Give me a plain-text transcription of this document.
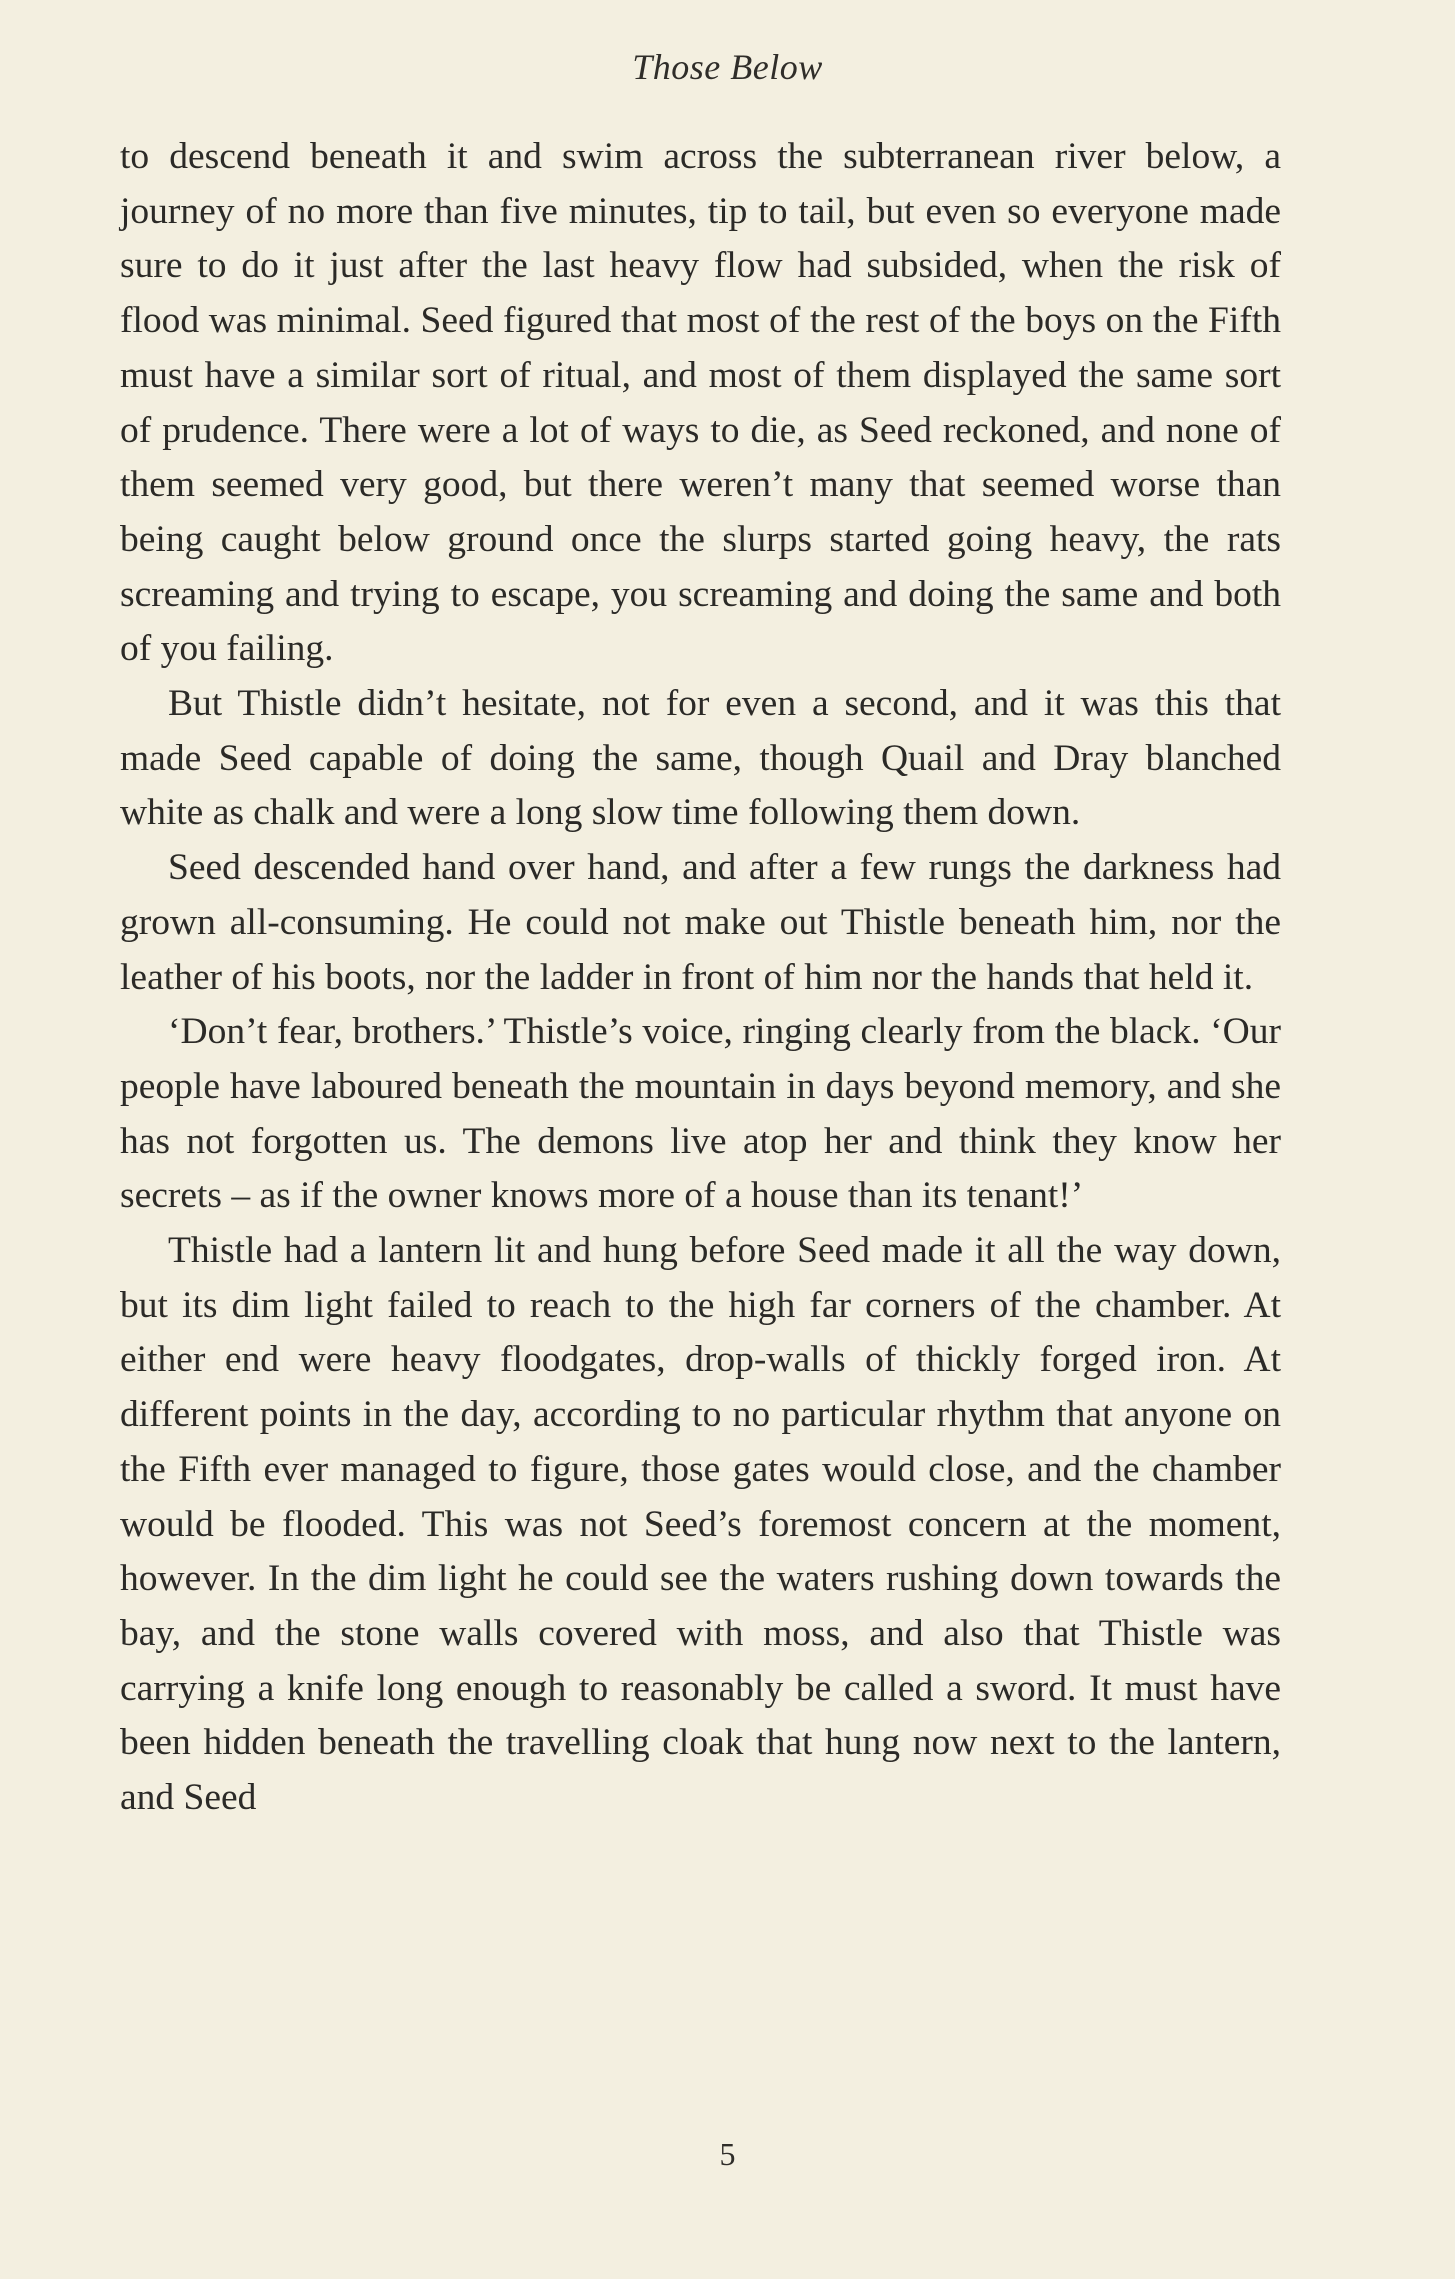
Those Below

to descend beneath it and swim across the subterranean river below, a journey of no more than five minutes, tip to tail, but even so everyone made sure to do it just after the last heavy flow had subsided, when the risk of flood was minimal. Seed figured that most of the rest of the boys on the Fifth must have a similar sort of ritual, and most of them displayed the same sort of prudence. There were a lot of ways to die, as Seed reckoned, and none of them seemed very good, but there weren’t many that seemed worse than being caught below ground once the slurps started going heavy, the rats screaming and trying to escape, you screaming and doing the same and both of you failing.

But Thistle didn’t hesitate, not for even a second, and it was this that made Seed capable of doing the same, though Quail and Dray blanched white as chalk and were a long slow time following them down.

Seed descended hand over hand, and after a few rungs the darkness had grown all-consuming. He could not make out Thistle beneath him, nor the leather of his boots, nor the ladder in front of him nor the hands that held it.

‘Don’t fear, brothers.’ Thistle’s voice, ringing clearly from the black. ‘Our people have laboured beneath the mountain in days beyond memory, and she has not forgotten us. The demons live atop her and think they know her secrets – as if the owner knows more of a house than its tenant!’

Thistle had a lantern lit and hung before Seed made it all the way down, but its dim light failed to reach to the high far corners of the chamber. At either end were heavy floodgates, drop-walls of thickly forged iron. At different points in the day, according to no particular rhythm that anyone on the Fifth ever managed to figure, those gates would close, and the chamber would be flooded. This was not Seed’s foremost concern at the moment, however. In the dim light he could see the waters rushing down towards the bay, and the stone walls covered with moss, and also that Thistle was carrying a knife long enough to reasonably be called a sword. It must have been hidden beneath the travelling cloak that hung now next to the lantern, and Seed

5
